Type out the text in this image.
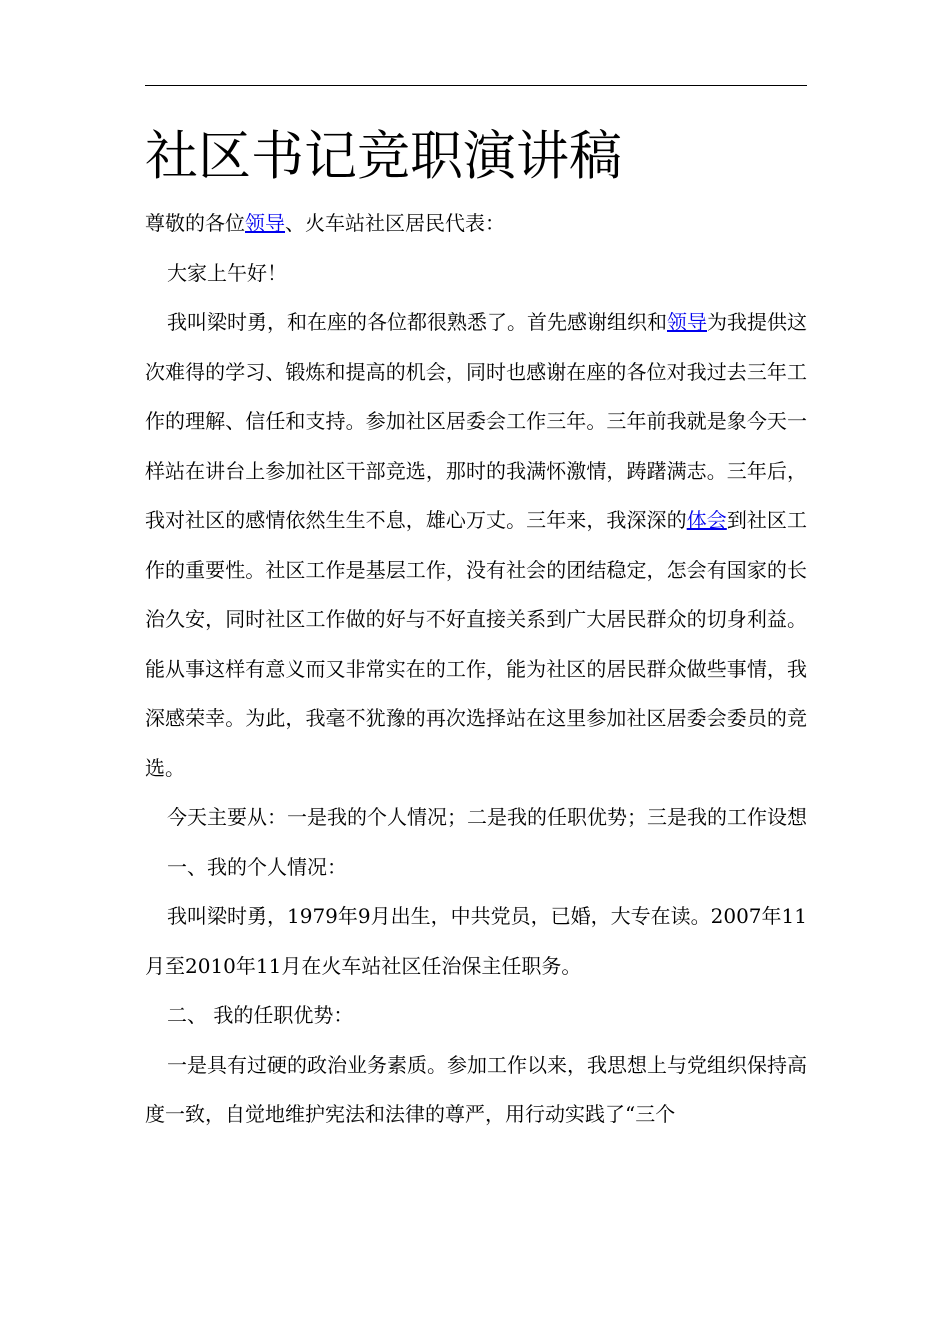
社区书记竞职演讲稿

尊敬的各位领导、火车站社区居民代表：

大家上午好！

我叫梁时勇，和在座的各位都很熟悉了。首先感谢组织和领导为我提供这次难得的学习、锻炼和提高的机会，同时也感谢在座的各位对我过去三年工作的理解、信任和支持。参加社区居委会工作三年。三年前我就是象今天一样站在讲台上参加社区干部竞选，那时的我满怀激情，踌躇满志。三年后，我对社区的感情依然生生不息，雄心万丈。三年来，我深深的体会到社区工作的重要性。社区工作是基层工作，没有社会的团结稳定，怎会有国家的长治久安，同时社区工作做的好与不好直接关系到广大居民群众的切身利益。能从事这样有意义而又非常实在的工作，能为社区的居民群众做些事情，我深感荣幸。为此，我毫不犹豫的再次选择站在这里参加社区居委会委员的竞选。

今天主要从：一是我的个人情况；二是我的任职优势；三是我的工作设想

一、我的个人情况：

我叫梁时勇，1979年9月出生，中共党员，已婚，大专在读。2007年11月至2010年11月在火车站社区任治保主任职务。

二、 我的任职优势：

一是具有过硬的政治业务素质。参加工作以来，我思想上与党组织保持高度一致，自觉地维护宪法和法律的尊严，用行动实践了“三个
